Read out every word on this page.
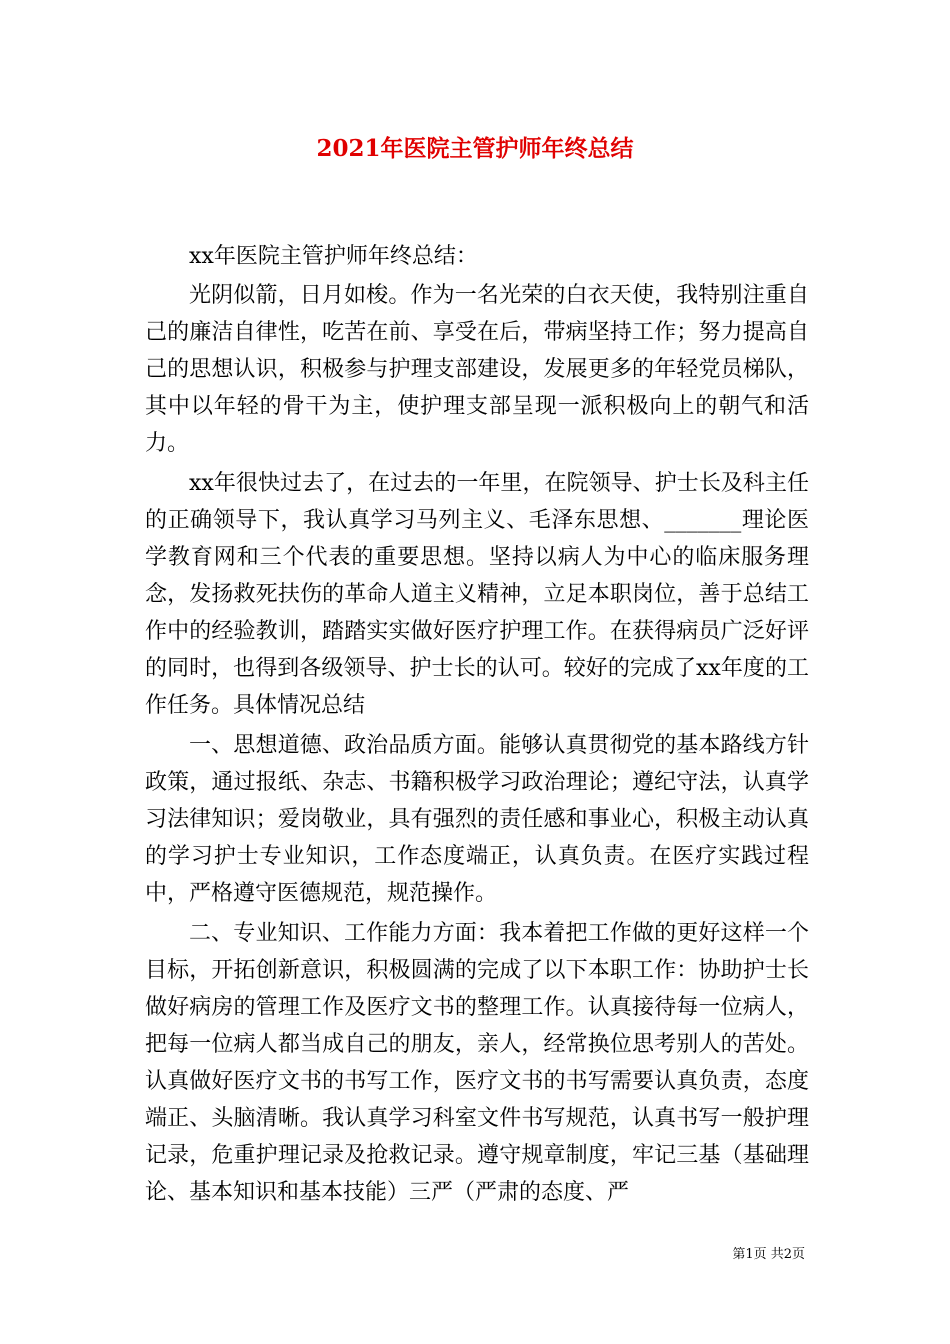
2021年医院主管护师年终总结

xx年医院主管护师年终总结：

光阴似箭，日月如梭。作为一名光荣的白衣天使，我特别注重自己的廉洁自律性，吃苦在前、享受在后，带病坚持工作；努力提高自己的思想认识，积极参与护理支部建设，发展更多的年轻党员梯队，其中以年轻的骨干为主，使护理支部呈现一派积极向上的朝气和活力。

xx年很快过去了，在过去的一年里，在院领导、护士长及科主任的正确领导下，我认真学习马列主义、毛泽东思想、_______理论医学教育网和三个代表的重要思想。坚持以病人为中心的临床服务理念，发扬救死扶伤的革命人道主义精神，立足本职岗位，善于总结工作中的经验教训，踏踏实实做好医疗护理工作。在获得病员广泛好评的同时，也得到各级领导、护士长的认可。较好的完成了xx年度的工作任务。具体情况总结

一、思想道德、政治品质方面。能够认真贯彻党的基本路线方针政策，通过报纸、杂志、书籍积极学习政治理论；遵纪守法，认真学习法律知识；爱岗敬业，具有强烈的责任感和事业心，积极主动认真的学习护士专业知识，工作态度端正，认真负责。在医疗实践过程中，严格遵守医德规范，规范操作。

二、专业知识、工作能力方面：我本着把工作做的更好这样一个目标，开拓创新意识，积极圆满的完成了以下本职工作：协助护士长做好病房的管理工作及医疗文书的整理工作。认真接待每一位病人，把每一位病人都当成自己的朋友，亲人，经常换位思考别人的苦处。认真做好医疗文书的书写工作，医疗文书的书写需要认真负责，态度端正、头脑清晰。我认真学习科室文件书写规范，认真书写一般护理记录，危重护理记录及抢救记录。遵守规章制度，牢记三基（基础理论、基本知识和基本技能）三严（严肃的态度、严

第1页 共2页
